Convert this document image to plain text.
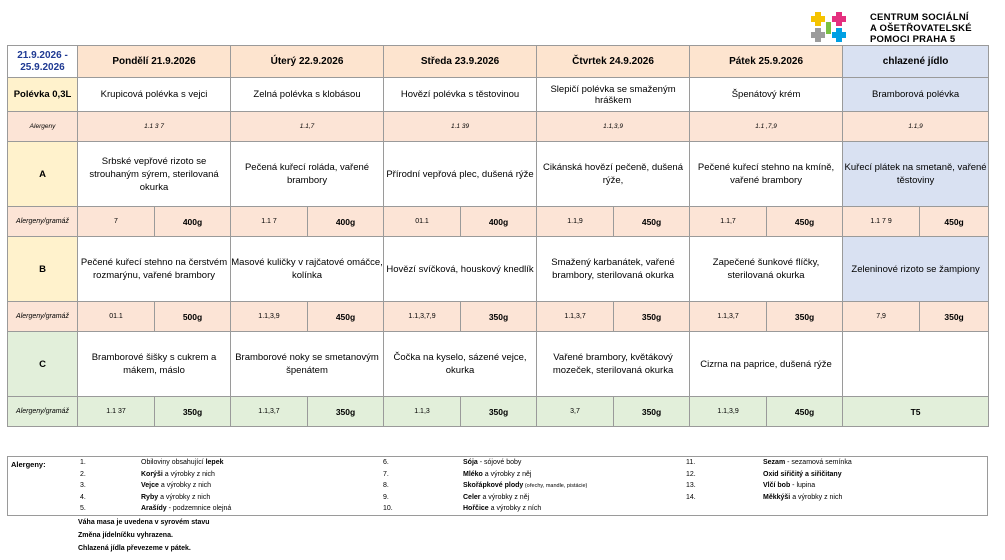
CENTRUM SOCIÁLNÍ
A OŠETŘOVATELSKÉ
POMOCI PRAHA 5
21.9.2026 - 25.9.2026	Pondělí 21.9.2026		Úterý 22.9.2026		Středa 23.9.2026		Čtvrtek 24.9.2026		Pátek 25.9.2026		chlazené jídlo	
Polévka 0,3L	Krupicová polévka s vejci		Zelná polévka s klobásou		Hovězí polévka s těstovinou		Slepičí polévka se smaženým hráškem		Špenátový krém		Bramborová polévka	
Alergeny	1.1 3 7		1.1,7		1.1 39		1.1,3,9		1.1 ,7,9		1.1,9	
A	Srbské vepřové rizoto se strouhaným sýrem, sterilovaná okurka		Pečená kuřecí roláda, vařené brambory		Přírodní vepřová plec, dušená rýže		Cikánská hovězí pečeně, dušená rýže,		Pečené kuřecí stehno na kmíně, vařené brambory		Kuřecí plátek na smetaně, vařené těstoviny	
Alergeny/gramáž	7	400g	1.1 7	400g	01.1	400g	1.1,9	450g	1.1,7	450g	1.1 7 9	450g
B	Pečené kuřecí stehno na čerstvém rozmarýnu, vařené brambory		Masové kuličky v rajčatové omáčce, kolínka		Hovězí svíčková, houskový knedlík		Smažený karbanátek, vařené brambory, sterilovaná okurka		Zapečené šunkové flíčky, sterilovaná okurka		Zeleninové rizoto se žampiony	
Alergeny/gramáž	01.1	500g	1.1,3,9	450g	1.1,3,7,9	350g	1.1,3,7	350g	1.1,3,7	350g	7,9	350g
C	Bramborové šišky s cukrem a mákem, máslo		Bramborové noky se smetanovým špenátem		Čočka na kyselo, sázené vejce, okurka		Vařené brambory, květákový mozeček, sterilovaná okurka		Cizrna na paprice, dušená rýže			
Alergeny/gramáž	1.1 37	350g	1.1,3,7	350g	1.1,3	350g	3,7	350g	1.1,3,9	450g	T5	
Alergeny:	1.	Obiloviny obsahující lepek
2.	Korýši a výrobky z nich
3.	Vejce a výrobky z nich
4.	Ryby a výrobky z nich
5.	Arašídy - podzemnice olejná
6.	Sója - sójové boby
7.	Mléko a výrobky z něj
8.	Skořápkové plody (ořechy, mandle, pistácie)
9.	Celer a výrobky z něj
10.	Hořčice a výrobky z ních
11.	Sezam - sezamová semínka
12.	Oxid siřičitý a siřičitany
13.	Vlčí bob - lupina
14.	Měkkýši a výrobky z nich
Váha masa je uvedena v syrovém stavu
Změna jídelníčku vyhrazena.
Chlazená jídla převezeme v pátek.
